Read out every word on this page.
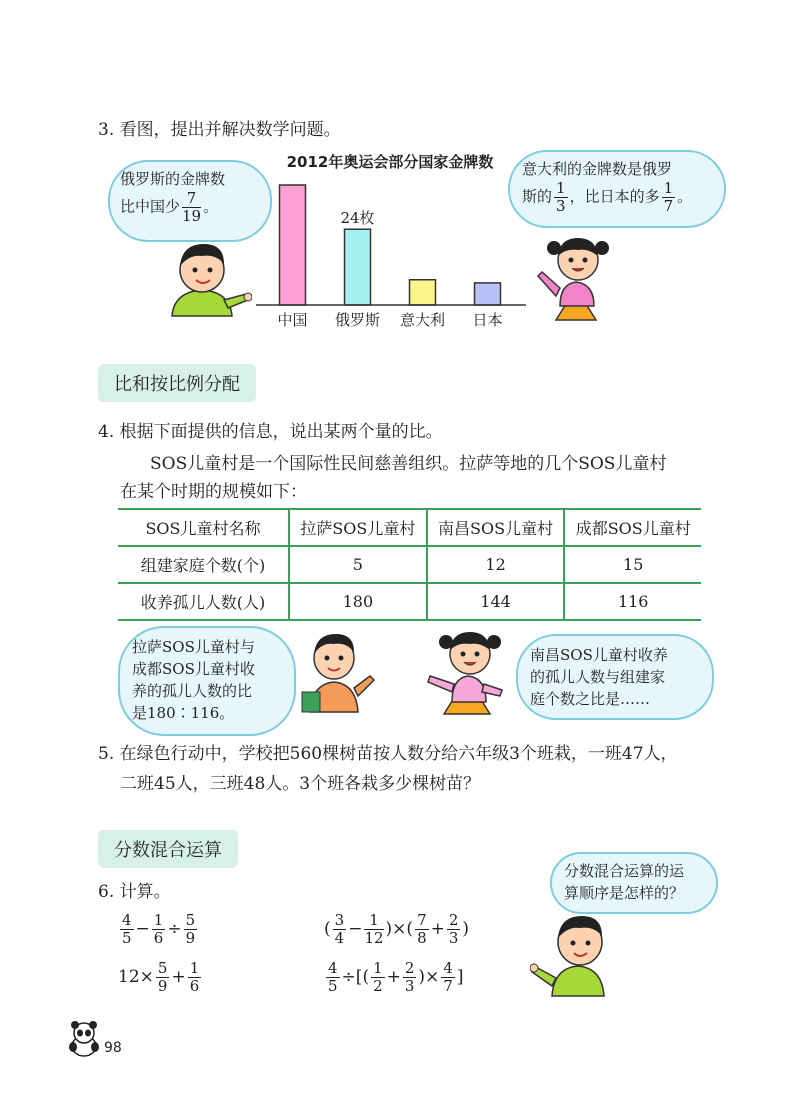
3. 看图，提出并解决数学问题。
俄罗斯的金牌数
比中国少 $\frac{7}{19}$ 。
2012年奥运会部分国家金牌数
中国 俄罗斯
24枚
意大利 日本
意大利的金牌数是俄罗
斯的 $\frac{1}{3}$ ，比日本的多 $\frac{1}{7}$ 。
比和按比例分配
4. 根据下面提供的信息，说出某两个量的比。
SOS儿童村是一个国际性民间慈善组织。拉萨等地的几个SOS儿童村
在某个时期的规模如下：
SOS儿童村名称	拉萨SOS儿童村	南昌SOS儿童村	成都SOS儿童村
组建家庭个数(个)	5	12	15
收养孤儿人数(人)	180	144	116
拉萨SOS儿童村与
成都SOS儿童村收
养的孤儿人数的比
是180∶116。
南昌SOS儿童村收养
的孤儿人数与组建家
庭个数之比是……
5. 在绿色行动中，学校把560棵树苗按人数分给六年级3个班栽，一班47人，
二班45人，三班48人。3个班各栽多少棵树苗？
分数混合运算
6. 计算。
分数混合运算的运
算顺序是怎样的？
$\frac{4}{5} - \frac{1}{6} \div \frac{5}{9}$	( $\frac{3}{4} - \frac{1}{12}$ )×( $\frac{7}{8} + \frac{2}{3}$ )
$12\times \frac{5}{9} + \frac{1}{6}$	$\frac{4}{5}$ ÷[( $\frac{1}{2} + \frac{2}{3}$ )× $\frac{4}{7}$ ]
98
